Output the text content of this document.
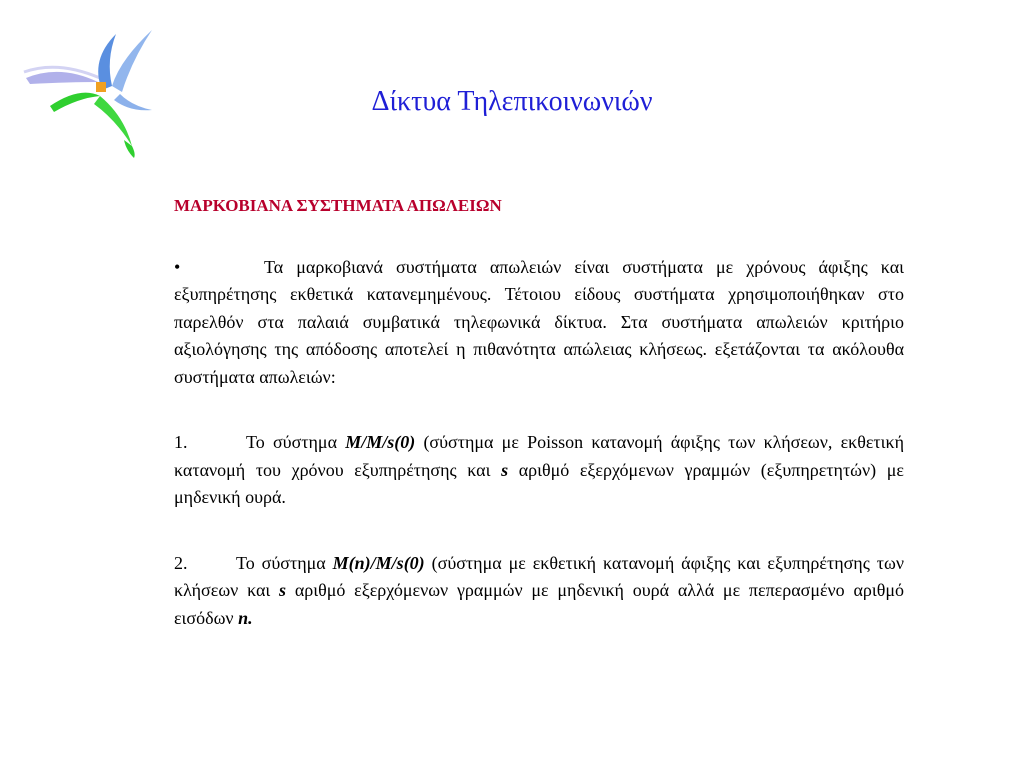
Δίκτυα Τηλεπικοινωνιών

ΜΑΡΚΟΒΙΑΝΑ ΣΥΣΤΗΜΑΤΑ ΑΠΩΛΕΙΩΝ

•	Τα μαρκοβιανά συστήματα απωλειών είναι συστήματα με χρόνους άφιξης και εξυπηρέτησης εκθετικά κατανεμημένους. Τέτοιου είδους συστήματα χρησιμοποιήθηκαν στο παρελθόν στα παλαιά συμβατικά τηλεφωνικά δίκτυα. Στα συστήματα απωλειών κριτήριο αξιολόγησης της απόδοσης αποτελεί η πιθανότητα απώλειας κλήσεως. εξετάζονται τα ακόλουθα συστήματα απωλειών:

1.	Το σύστημα M/M/s(0) (σύστημα με Poisson κατανομή άφιξης των κλήσεων, εκθετική κατανομή του χρόνου εξυπηρέτησης και s αριθμό εξερχόμενων γραμμών (εξυπηρετητών) με μηδενική ουρά.

2.	Το σύστημα M(n)/M/s(0) (σύστημα με εκθετική κατανομή άφιξης και εξυπηρέτησης των κλήσεων και s αριθμό εξερχόμενων γραμμών με μηδενική ουρά αλλά με πεπερασμένο αριθμό εισόδων n.
